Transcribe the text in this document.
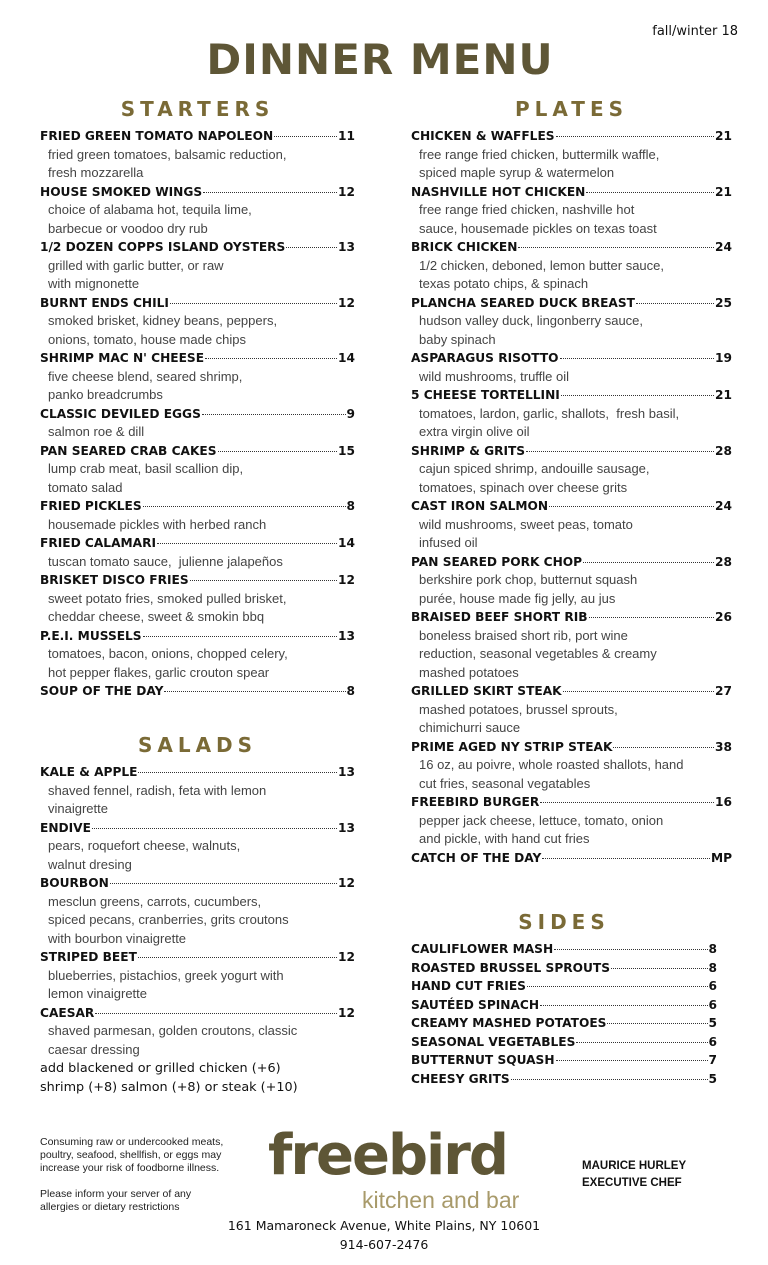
fall/winter 18
DINNER MENU
STARTERS
FRIED GREEN TOMATO NAPOLEON	11
fried green tomatoes, balsamic reduction,
fresh mozzarella
HOUSE SMOKED WINGS	12
choice of alabama hot, tequila lime,
barbecue or voodoo dry rub
1/2 DOZEN COPPS ISLAND OYSTERS	13
grilled with garlic butter, or raw
with mignonette
BURNT ENDS CHILI	12
smoked brisket, kidney beans, peppers,
onions, tomato, house made chips
SHRIMP MAC N' CHEESE	14
five cheese blend, seared shrimp,
panko breadcrumbs
CLASSIC DEVILED EGGS	9
salmon roe & dill
PAN SEARED CRAB CAKES	15
lump crab meat, basil scallion dip,
tomato salad
FRIED PICKLES	8
housemade pickles with herbed ranch
FRIED CALAMARI	14
tuscan tomato sauce,  julienne jalapeños
BRISKET DISCO FRIES	12
sweet potato fries, smoked pulled brisket,
cheddar cheese, sweet & smokin bbq
P.E.I. MUSSELS	13
tomatoes, bacon, onions, chopped celery,
hot pepper flakes, garlic crouton spear
SOUP OF THE DAY	8
SALADS
KALE & APPLE	13
shaved fennel, radish, feta with lemon
vinaigrette
ENDIVE	13
pears, roquefort cheese, walnuts,
walnut dresing
BOURBON	12
mesclun greens, carrots, cucumbers,
spiced pecans, cranberries, grits croutons
with bourbon vinaigrette
STRIPED BEET	12
blueberries, pistachios, greek yogurt with
lemon vinaigrette
CAESAR	12
shaved parmesan, golden croutons, classic
caesar dressing
add blackened or grilled chicken (+6)
shrimp (+8) salmon (+8) or steak (+10)
PLATES
CHICKEN & WAFFLES	21
free range fried chicken, buttermilk waffle,
spiced maple syrup & watermelon
NASHVILLE HOT CHICKEN	21
free range fried chicken, nashville hot
sauce, housemade pickles on texas toast
BRICK CHICKEN	24
1/2 chicken, deboned, lemon butter sauce,
texas potato chips, & spinach
PLANCHA SEARED DUCK BREAST	25
hudson valley duck, lingonberry sauce,
baby spinach
ASPARAGUS RISOTTO	19
wild mushrooms, truffle oil
5 CHEESE TORTELLINI	21
tomatoes, lardon, garlic, shallots,  fresh basil,
extra virgin olive oil
SHRIMP & GRITS	28
cajun spiced shrimp, andouille sausage,
tomatoes, spinach over cheese grits
CAST IRON SALMON	24
wild mushrooms, sweet peas, tomato
infused oil
PAN SEARED PORK CHOP	28
berkshire pork chop, butternut squash
purée, house made fig jelly, au jus
BRAISED BEEF SHORT RIB	26
boneless braised short rib, port wine
reduction, seasonal vegetables & creamy
mashed potatoes
GRILLED SKIRT STEAK	27
mashed potatoes, brussel sprouts,
chimichurri sauce
PRIME AGED NY STRIP STEAK	38
16 oz, au poivre, whole roasted shallots, hand
cut fries, seasonal vegatables
FREEBIRD BURGER	16
pepper jack cheese, lettuce, tomato, onion
and pickle, with hand cut fries
CATCH OF THE DAY	MP
SIDES
CAULIFLOWER MASH	8
ROASTED BRUSSEL SPROUTS	8
HAND CUT FRIES	6
SAUTÉED SPINACH	6
CREAMY MASHED POTATOES	5
SEASONAL VEGETABLES	6
BUTTERNUT SQUASH	7
CHEESY GRITS	5

Consuming raw or undercooked meats, poultry, seafood, shellfish, or eggs may increase your risk of foodborne illness.

Please inform your server of any allergies or dietary restrictions

freebird
kitchen and bar
161 Mamaroneck Avenue, White Plains, NY 10601
914-607-2476
MAURICE HURLEY
EXECUTIVE CHEF
